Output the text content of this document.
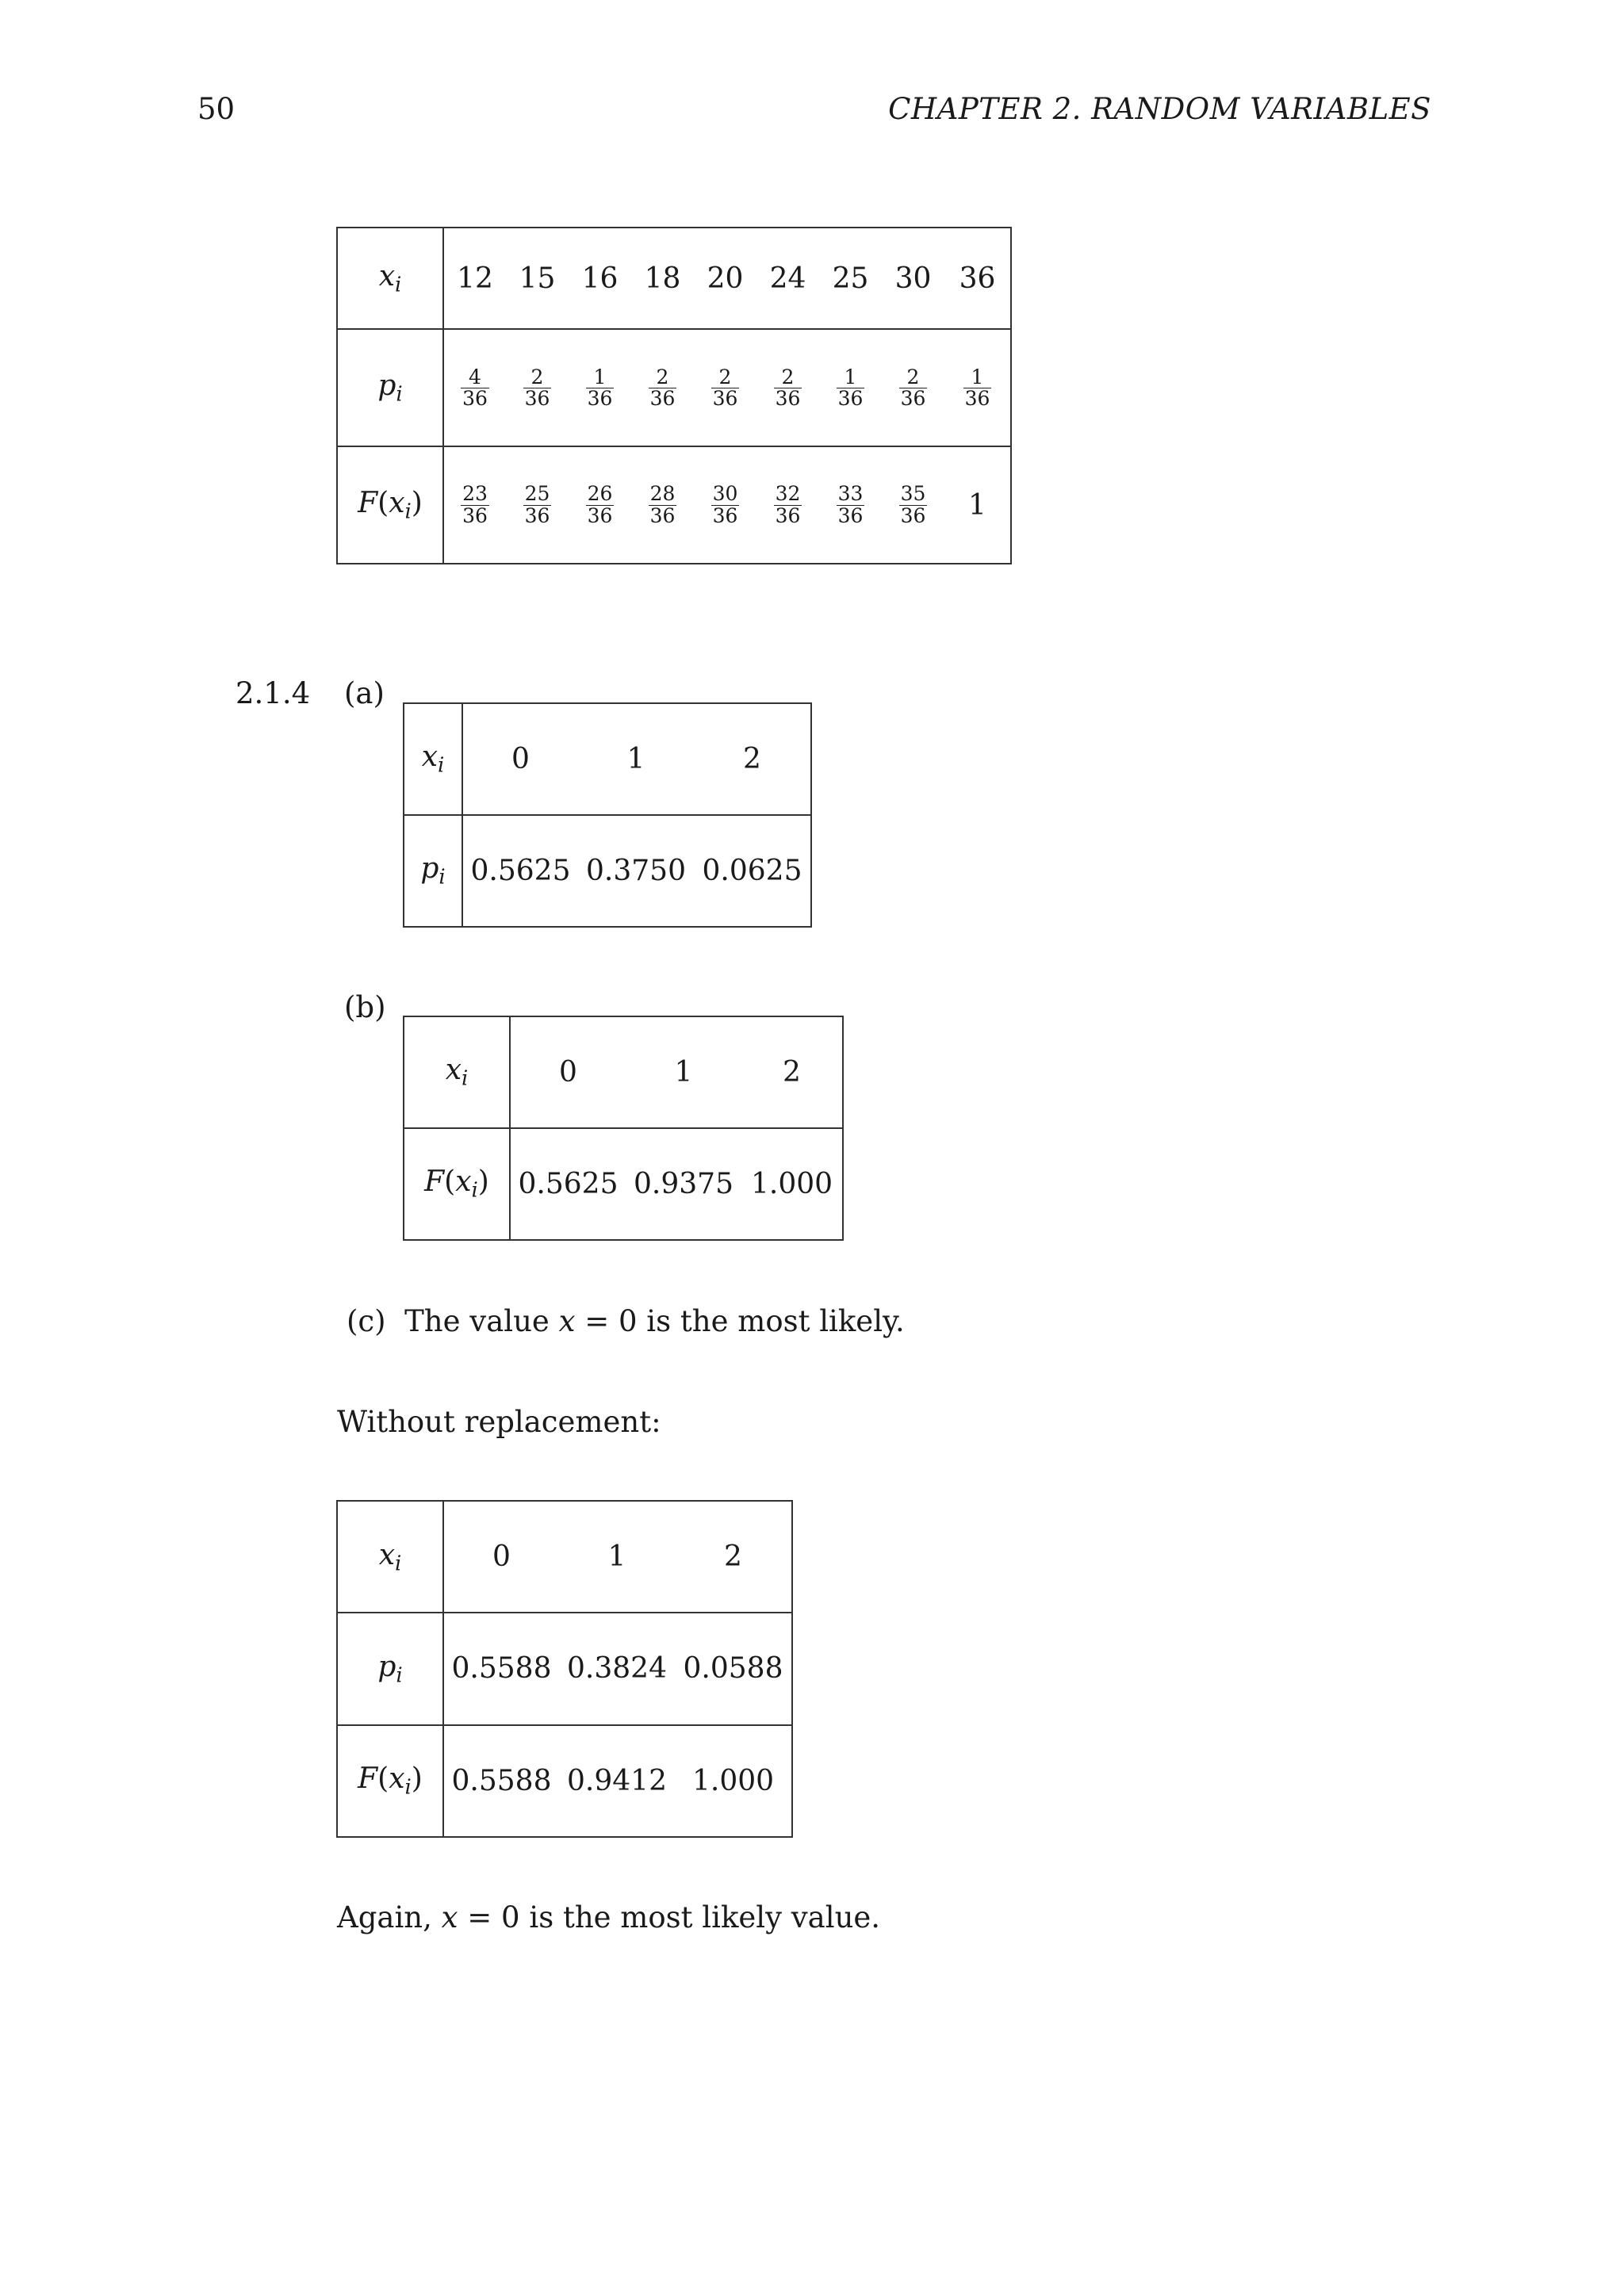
50	CHAPTER 2. RANDOM VARIABLES
$x_i$	12	15	16	18	20	24	25	30	36
$p_i$	$\frac{4}{36}$	$\frac{2}{36}$	$\frac{1}{36}$	$\frac{2}{36}$	$\frac{2}{36}$	$\frac{2}{36}$	$\frac{1}{36}$	$\frac{2}{36}$	$\frac{1}{36}$

$F(x_i)$	$\frac{23}{36}$	$\frac{25}{36}$	$\frac{26}{36}$	$\frac{28}{36}$	$\frac{30}{36}$	$\frac{32}{36}$	$\frac{33}{36}$	$\frac{35}{36}$	1
2.1.4 (a)
$x_i$	0	1	2
$p_i$	0.5625	0.3750	0.0625
(b)
$x_i$	0	1	2
$F(x_i)$	0.5625	0.9375	1.000
(c) The value x = 0 is the most likely.
Without replacement:
$x_i$	0	1	2
$p_i$	0.5588	0.3824	0.0588
$F(x_i)$	0.5588	0.9412	1.000
Again, x = 0 is the most likely value.
